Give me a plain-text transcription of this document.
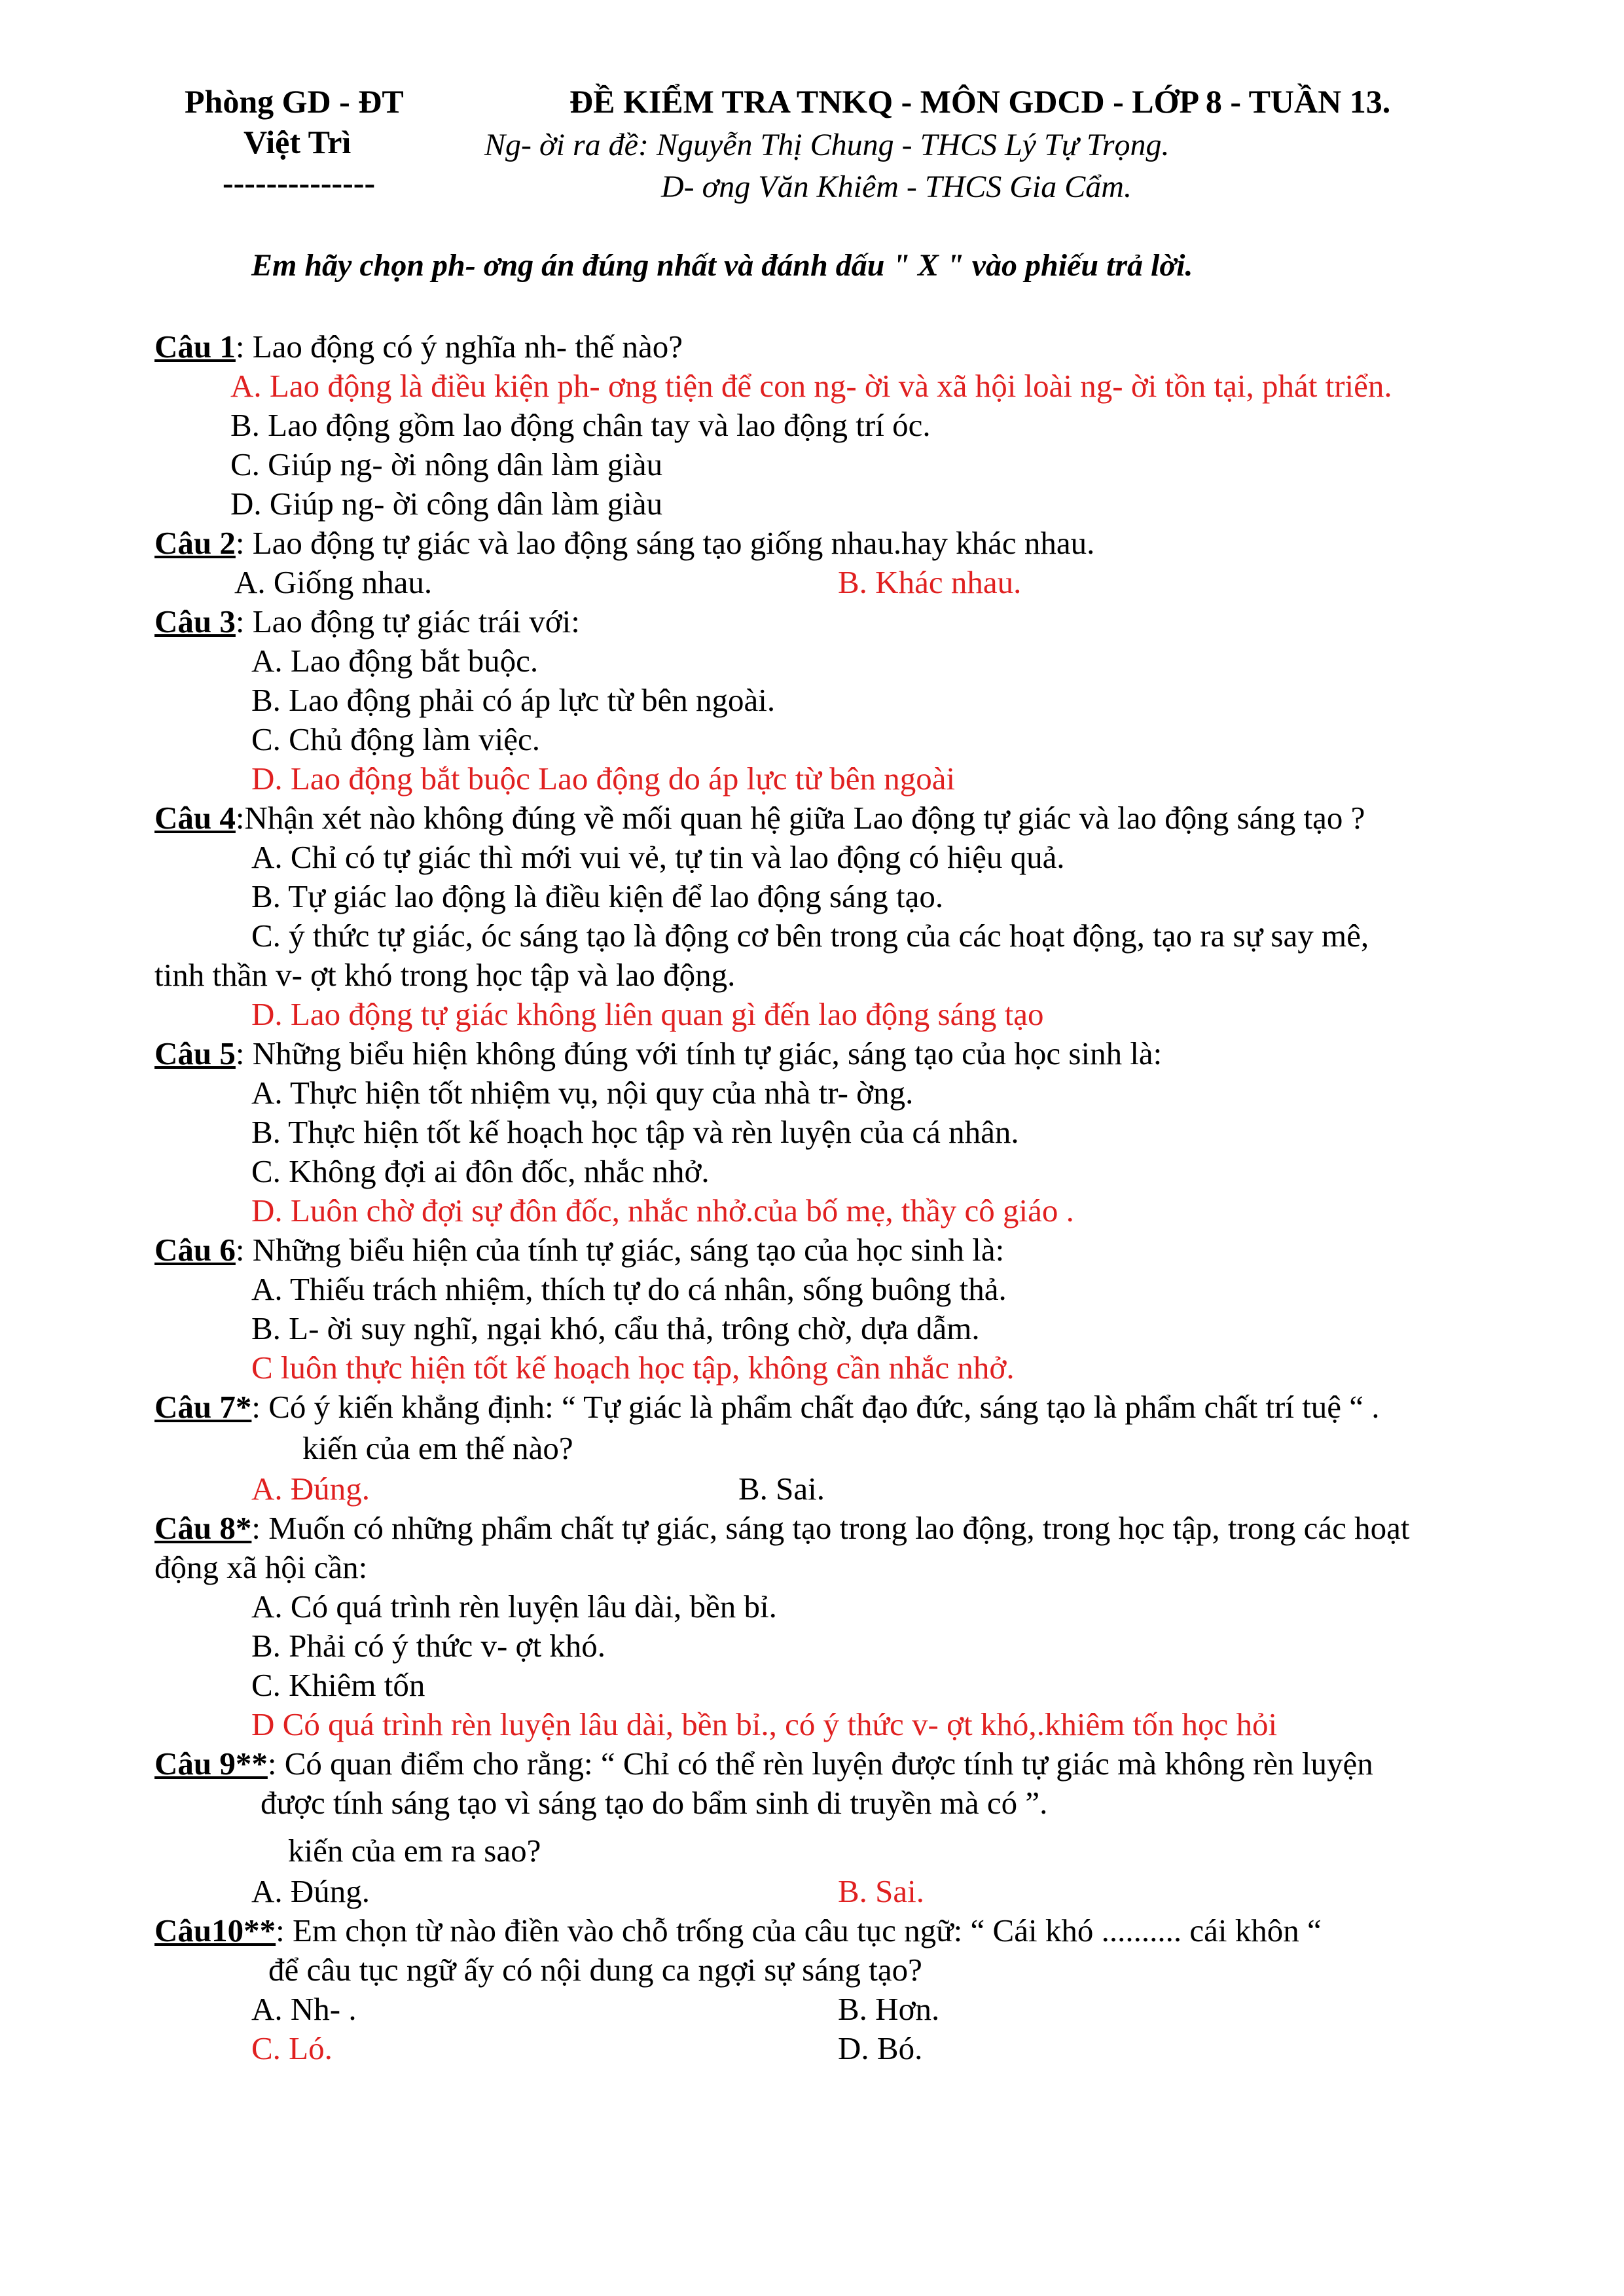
Phòng GD - ĐT
Việt Trì
--------------
ĐỀ KIỂM TRA TNKQ - MÔN GDCD - LỚP 8 - TUẦN 13.
Ng- ời ra đề: Nguyễn Thị Chung - THCS Lý Tự Trọng.
D- ơng Văn Khiêm - THCS Gia Cẩm.
Em hãy chọn ph- ơng án đúng nhất và đánh dấu " X " vào phiếu trả lời.
Câu 1: Lao động có ý nghĩa nh- thế nào?
A. Lao động là điều kiện ph- ơng tiện để con ng- ời và xã hội loài ng- ời tồn tại, phát triển.
B. Lao động gồm lao động chân tay và lao động trí óc.
C. Giúp ng- ời nông dân làm giàu
D. Giúp ng- ời công dân làm giàu
Câu 2: Lao động tự giác và lao động sáng tạo giống nhau.hay khác nhau.
A. Giống nhau.	B. Khác nhau.
Câu 3: Lao động tự giác trái với:
A. Lao động bắt buộc.
B. Lao động phải có áp lực từ bên ngoài.
C. Chủ động làm việc.
D. Lao động bắt buộc Lao động do áp lực từ bên ngoài
Câu 4:Nhận xét nào không đúng về mối quan hệ giữa Lao động tự giác và lao động sáng tạo ?
A. Chỉ có tự giác thì mới vui vẻ, tự tin và lao động có hiệu quả.
B. Tự giác lao động là điều kiện để lao động sáng tạo.
C. ý thức tự giác, óc sáng tạo là động cơ bên trong của các hoạt động, tạo ra sự say mê,
tinh thần v- ợt khó trong học tập và lao động.
D. Lao động tự giác không liên quan gì đến lao động sáng tạo
Câu 5: Những biểu hiện không đúng với tính tự giác, sáng tạo của học sinh là:
A. Thực hiện tốt nhiệm vụ, nội quy của nhà tr- ờng.
B. Thực hiện tốt kế hoạch học tập và rèn luyện của cá nhân.
C. Không đợi ai đôn đốc, nhắc nhở.
D. Luôn chờ đợi sự đôn đốc, nhắc nhở.của bố mẹ, thầy cô giáo .
Câu 6: Những biểu hiện của tính tự giác, sáng tạo của học sinh là:
A. Thiếu trách nhiệm, thích tự do cá nhân, sống buông thả.
B. L- ời suy nghĩ, ngại khó, cẩu thả, trông chờ, dựa dẫm.
C luôn thực hiện tốt kế hoạch học tập, không cần nhắc nhở.
Câu 7*: Có ý kiến khẳng định: “ Tự giác là phẩm chất đạo đức, sáng tạo là phẩm chất trí tuệ “ .
kiến của em thế nào?
A. Đúng.	B. Sai.
Câu 8*: Muốn có những phẩm chất tự giác, sáng tạo trong lao động, trong học tập, trong các hoạt
động xã hội cần:
A. Có quá trình rèn luyện lâu dài, bền bỉ.
B. Phải có ý thức v- ợt khó.
C. Khiêm tốn
D Có quá trình rèn luyện lâu dài, bền bỉ., có ý thức v- ợt khó,.khiêm tốn học hỏi
Câu 9**: Có quan điểm cho rằng: “ Chỉ có thể rèn luyện được tính tự giác mà không rèn luyện
được tính sáng tạo vì sáng tạo do bẩm sinh di truyền mà có ”.
kiến của em ra sao?
A. Đúng.	B. Sai.
Câu10**: Em chọn từ nào điền vào chỗ trống của câu tục ngữ: “ Cái khó .......... cái khôn “
để câu tục ngữ ấy có nội dung ca ngợi sự sáng tạo?
A. Nh- .	B. Hơn.
C. Ló.	D. Bó.
